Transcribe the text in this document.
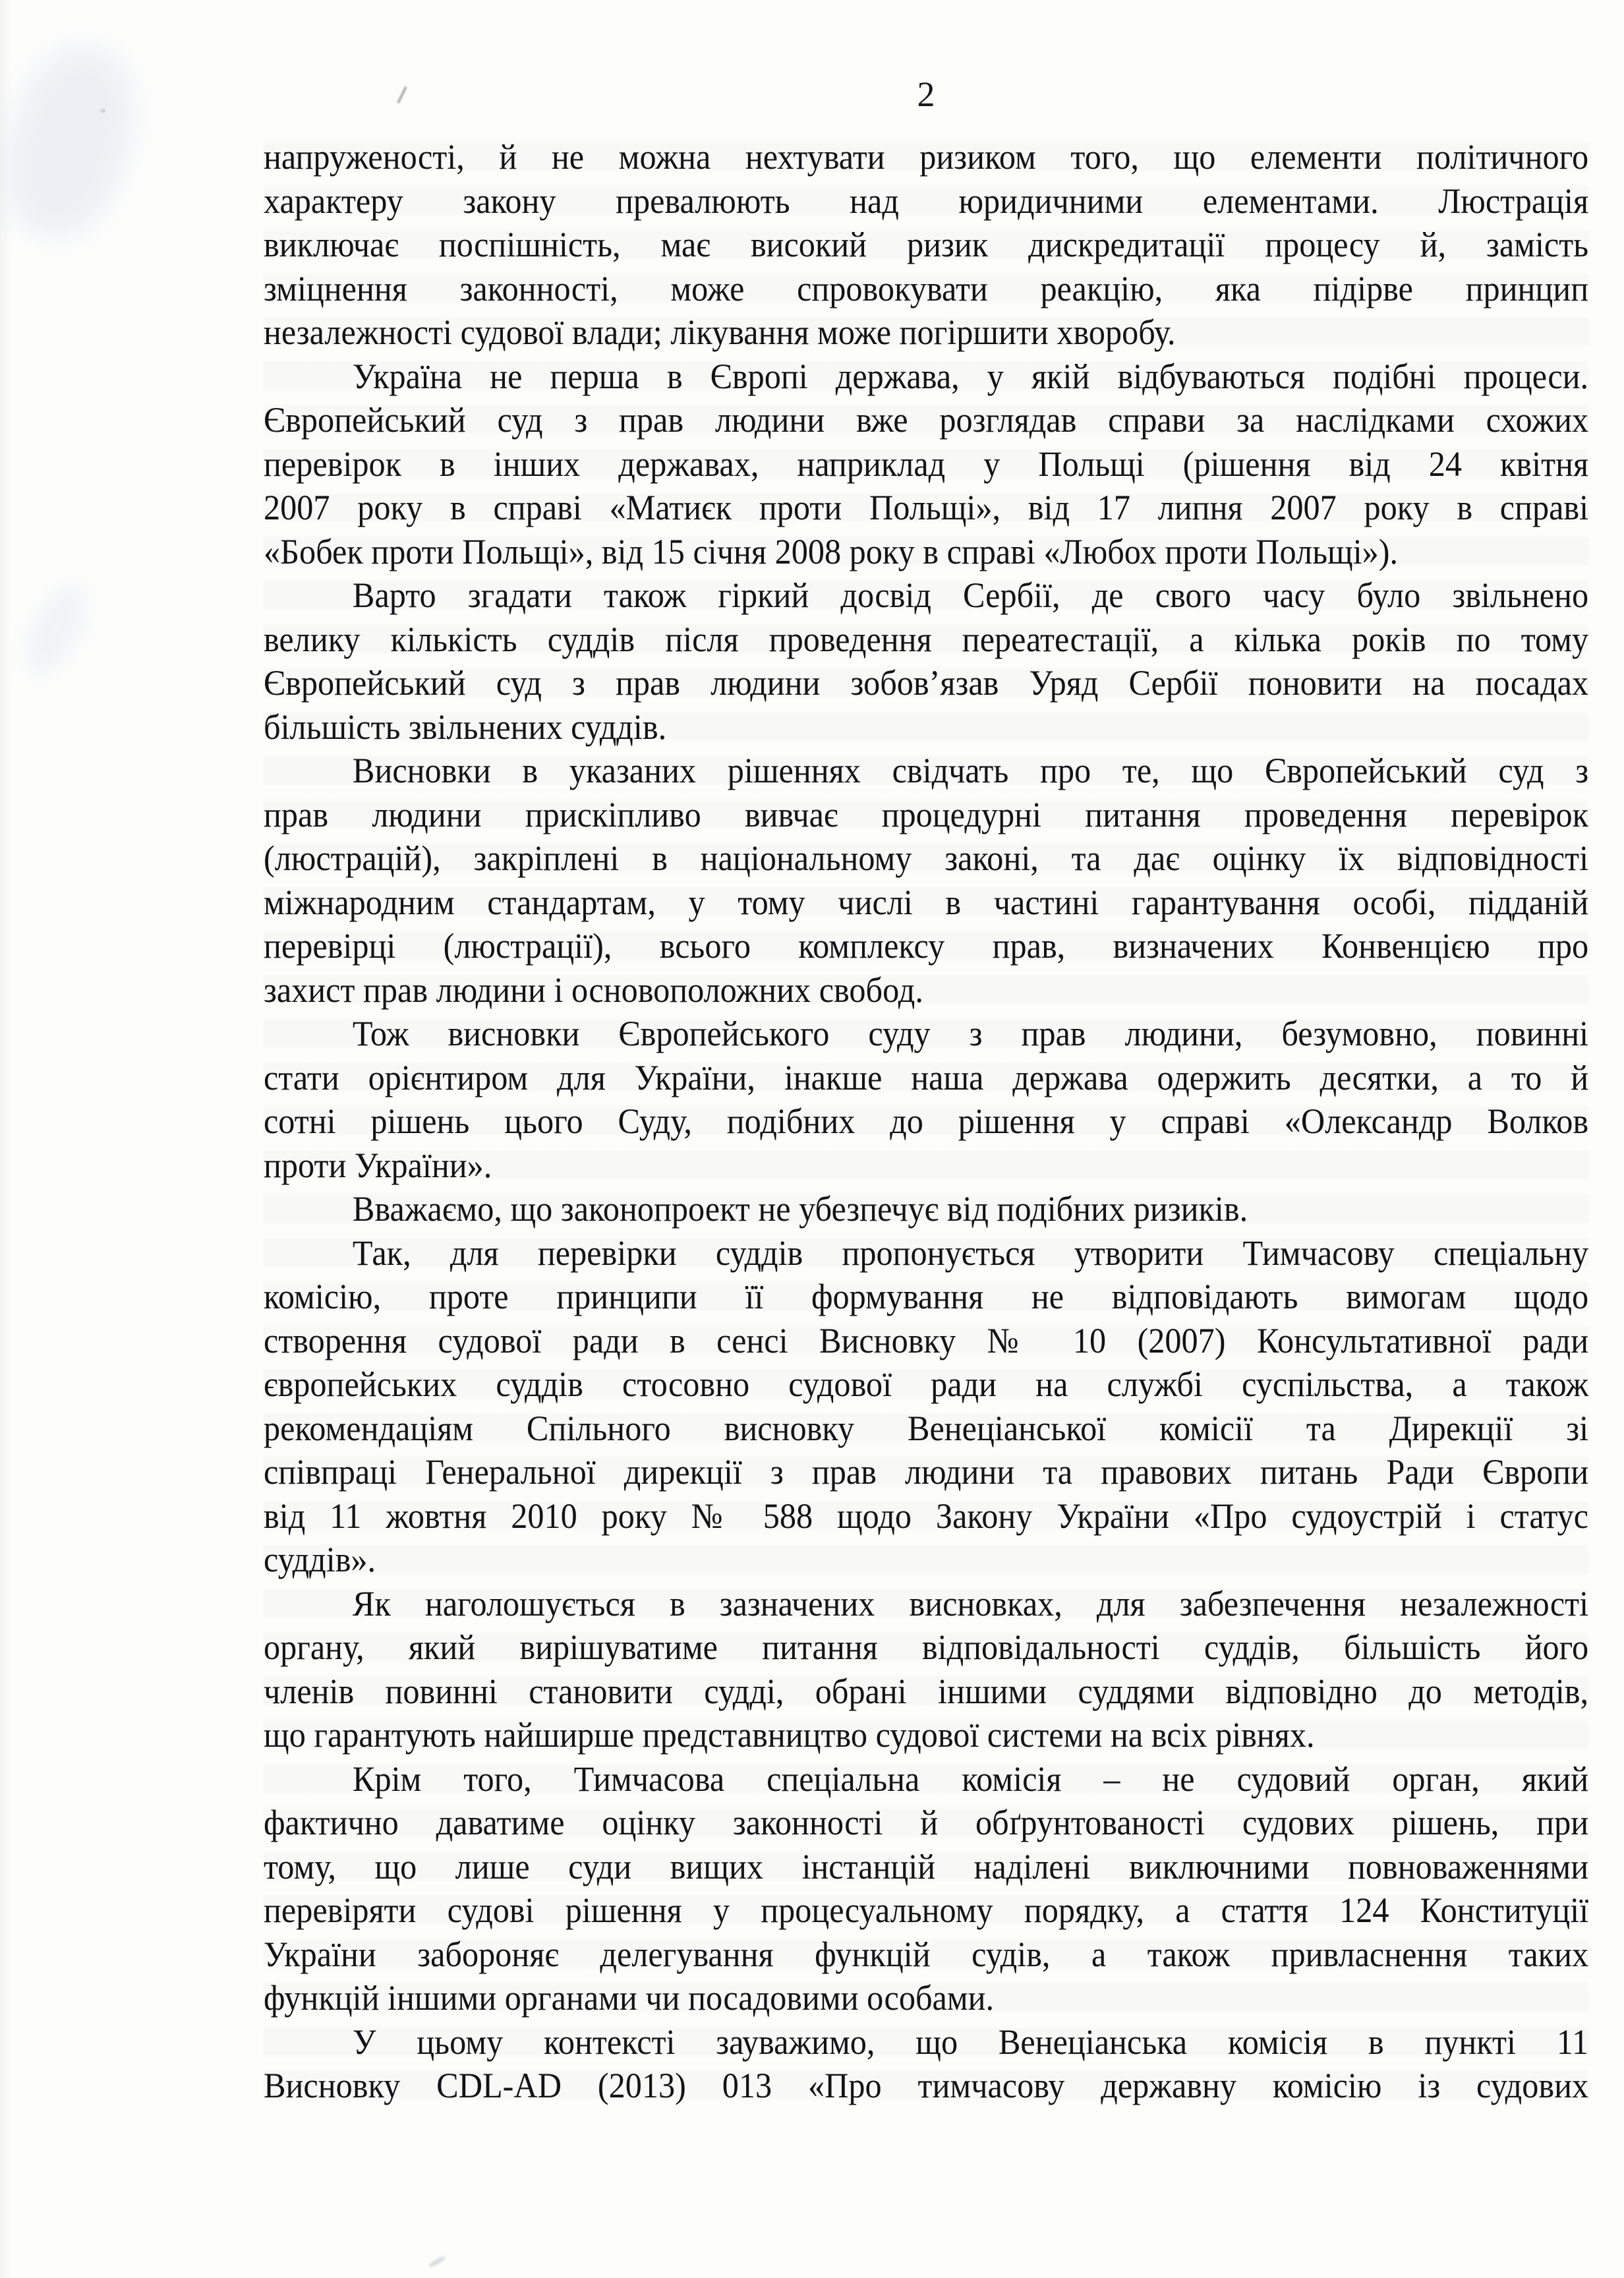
2
напруженості, й не можна нехтувати ризиком того, що елементи політичного
характеру закону превалюють над юридичними елементами. Люстрація
виключає поспішність, має високий ризик дискредитації процесу й, замість
зміцнення законності, може спровокувати реакцію, яка підірве принцип
незалежності судової влади; лікування може погіршити хворобу.
Україна не перша в Європі держава, у якій відбуваються подібні процеси.
Європейський суд з прав людини вже розглядав справи за наслідками схожих
перевірок в інших державах, наприклад у Польщі (рішення від 24 квітня
2007 року в справі «Матиєк проти Польщі», від 17 липня 2007 року в справі
«Бобек проти Польщі», від 15 січня 2008 року в справі «Любох проти Польщі»).
Варто згадати також гіркий досвід Сербії, де свого часу було звільнено
велику кількість суддів після проведення переатестації, а кілька років по тому
Європейський суд з прав людини зобов’язав Уряд Сербії поновити на посадах
більшість звільнених суддів.
Висновки в указаних рішеннях свідчать про те, що Європейський суд з
прав людини прискіпливо вивчає процедурні питання проведення перевірок
(люстрацій), закріплені в національному законі, та дає оцінку їх відповідності
міжнародним стандартам, у тому числі в частині гарантування особі, підданій
перевірці (люстрації), всього комплексу прав, визначених Конвенцією про
захист прав людини і основоположних свобод.
Тож висновки Європейського суду з прав людини, безумовно, повинні
стати орієнтиром для України, інакше наша держава одержить десятки, а то й
сотні рішень цього Суду, подібних до рішення у справі «Олександр Волков
проти України».
Вважаємо, що законопроект не убезпечує від подібних ризиків.
Так, для перевірки суддів пропонується утворити Тимчасову спеціальну
комісію, проте принципи її формування не відповідають вимогам щодо
створення судової ради в сенсі Висновку № 10 (2007) Консультативної ради
європейських суддів стосовно судової ради на службі суспільства, а також
рекомендаціям Спільного висновку Венеціанської комісії та Дирекції зі
співпраці Генеральної дирекції з прав людини та правових питань Ради Європи
від 11 жовтня 2010 року № 588 щодо Закону України «Про судоустрій і статус
суддів».
Як наголошується в зазначених висновках, для забезпечення незалежності
органу, який вирішуватиме питання відповідальності суддів, більшість його
членів повинні становити судді, обрані іншими суддями відповідно до методів,
що гарантують найширше представництво судової системи на всіх рівнях.
Крім того, Тимчасова спеціальна комісія – не судовий орган, який
фактично даватиме оцінку законності й обґрунтованості судових рішень, при
тому, що лише суди вищих інстанцій наділені виключними повноваженнями
перевіряти судові рішення у процесуальному порядку, а стаття 124 Конституції
України забороняє делегування функцій судів, а також привласнення таких
функцій іншими органами чи посадовими особами.
У цьому контексті зауважимо, що Венеціанська комісія в пункті 11
Висновку CDL-AD (2013) 013 «Про тимчасову державну комісію із судових
